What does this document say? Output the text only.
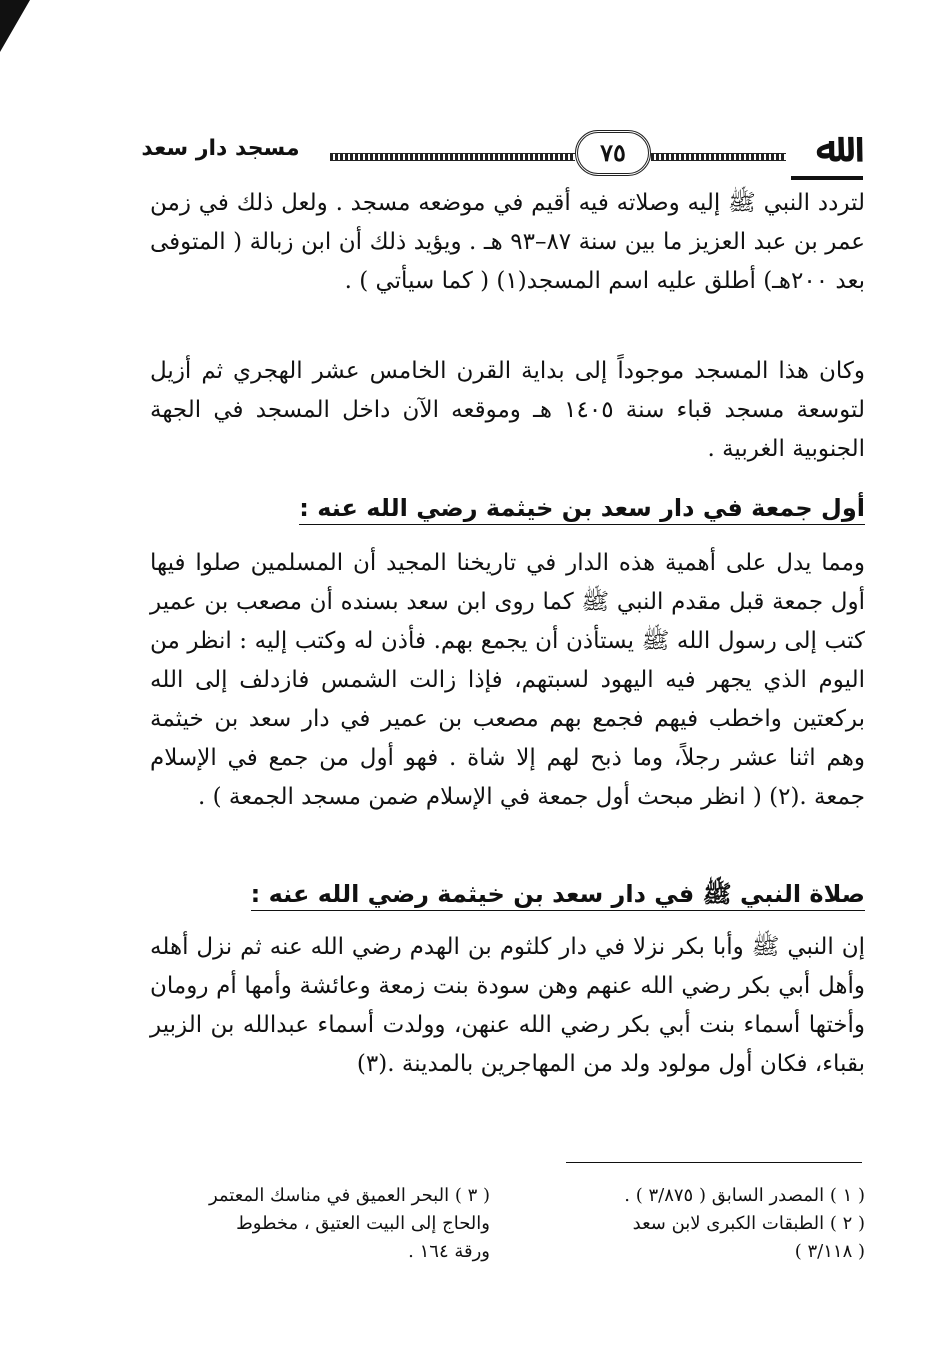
مسجد دار سعد	٧٥	ﷲ

لتردد النبي ﷺ إليه وصلاته فيه أقيم في موضعه مسجد . ولعل ذلك في زمن عمر بن عبد العزيز ما بين سنة ٨٧–٩٣ هـ . ويؤيد ذلك أن ابن زبالة ( المتوفى بعد ٢٠٠هـ) أطلق عليه اسم المسجد(١) ( كما سيأتي ) .

وكان هذا المسجد موجوداً إلى بداية القرن الخامس عشر الهجري ثم أزيل لتوسعة مسجد قباء سنة ١٤٠٥ هـ وموقعه الآن داخل المسجد في الجهة الجنوبية الغربية .

أول جمعة في دار سعد بن خيثمة رضي الله عنه :

ومما يدل على أهمية هذه الدار في تاريخنا المجيد أن المسلمين صلوا فيها أول جمعة قبل مقدم النبي ﷺ كما روى ابن سعد بسنده أن مصعب بن عمير كتب إلى رسول الله ﷺ يستأذن أن يجمع بهم. فأذن له وكتب إليه : انظر من اليوم الذي يجهر فيه اليهود لسبتهم، فإذا زالت الشمس فازدلف إلى الله بركعتين واخطب فيهم فجمع بهم مصعب بن عمير في دار سعد بن خيثمة وهم اثنا عشر رجلاً، وما ذبح لهم إلا شاة . فهو أول من جمع في الإسلام جمعة .(٢) ( انظر مبحث أول جمعة في الإسلام ضمن مسجد الجمعة ) .

صلاة النبي ﷺ في دار سعد بن خيثمة رضي الله عنه :

إن النبي ﷺ وأبا بكر نزلا في دار كلثوم بن الهدم رضي الله عنه ثم نزل أهله وأهل أبي بكر رضي الله عنهم وهن سودة بنت زمعة وعائشة وأمها أم رومان وأختها أسماء بنت أبي بكر رضي الله عنهن، وولدت أسماء عبدالله بن الزبير بقباء، فكان أول مولود ولد من المهاجرين بالمدينة .(٣)

( ١ ) المصدر السابق ( ٣/٨٧٥ ) .
( ٢ ) الطبقات الكبرى لابن سعد
( ٣/١١٨ )
( ٣ ) البحر العميق في مناسك المعتمر
والحاج إلى البيت العتيق ، مخطوط
ورقة ١٦٤ .
